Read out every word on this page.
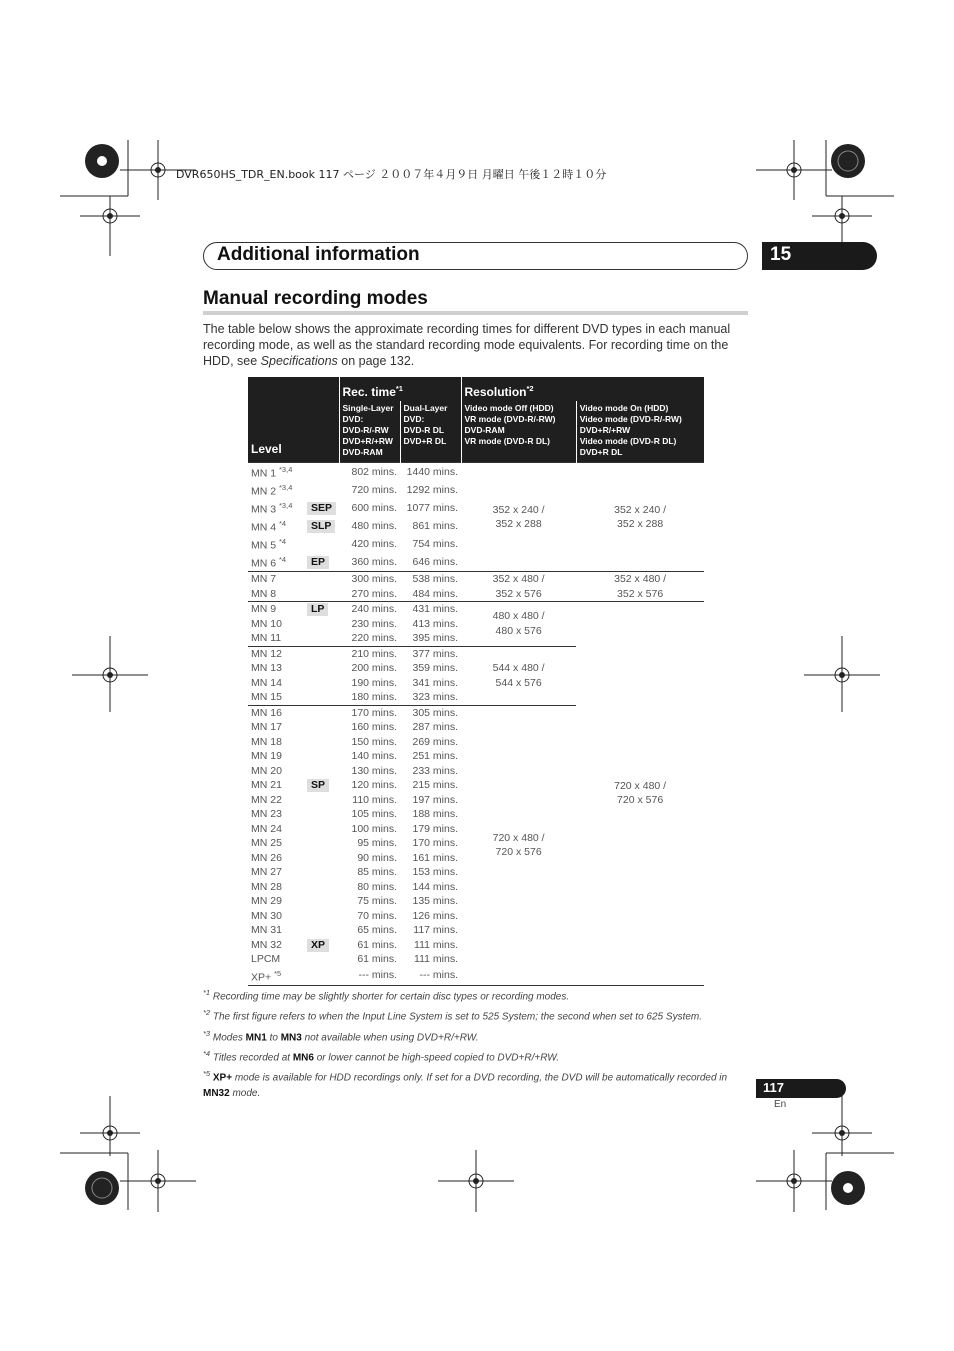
DVR650HS_TDR_EN.book 117 ページ ２００７年４月９日 月曜日 午後１２時１０分
Additional information	15
Manual recording modes
The table below shows the approximate recording times for different DVD types in each manual recording mode, as well as the standard recording mode equivalents. For recording time on the HDD, see Specifications on page 132.
Level		Rec. time$^{*1}$		Resolution$^{*2}$
		Single-Layer DVD:
DVD-R/-RW
DVD+R/+RW
DVD-RAM	Dual-Layer DVD:
DVD-R DL
DVD+R DL	Video mode Off (HDD)
VR mode (DVD-R/-RW)
DVD-RAM
VR mode (DVD-R DL)	Video mode On (HDD)
Video mode (DVD-R/-RW)
DVD+R/+RW
Video mode (DVD-R DL)
DVD+R DL
MN 1 $^{*3,4}$		802 mins.	1440 mins.	352 x 240 /
352 x 288	352 x 240 /
352 x 288
MN 2 $^{*3,4}$		720 mins.	1292 mins.		
MN 3 $^{*3,4}$	SEP	600 mins.	1077 mins.		
MN 4 $^{*4}$	SLP	480 mins.	861 mins.		
MN 5 $^{*4}$		420 mins.	754 mins.		
MN 6 $^{*4}$	EP	360 mins.	646 mins.		
MN 7		300 mins.	538 mins.	352 x 480 /
352 x 576	352 x 480 /
352 x 576
MN 8		270 mins.	484 mins.		
MN 9	LP	240 mins.	431 mins.	480 x 480 /
480 x 576	720 x 480 /
720 x 576
MN 10		230 mins.	413 mins.		
MN 11		220 mins.	395 mins.		
MN 12		210 mins.	377 mins.	544 x 480 /
544 x 576	
MN 13		200 mins.	359 mins.		
MN 14		190 mins.	341 mins.		
MN 15		180 mins.	323 mins.		
MN 16		170 mins.	305 mins.	720 x 480 /
720 x 576	
MN 17		160 mins.	287 mins.		
MN 18		150 mins.	269 mins.		
MN 19		140 mins.	251 mins.		
MN 20		130 mins.	233 mins.		
MN 21	SP	120 mins.	215 mins.		
MN 22		110 mins.	197 mins.		
MN 23		105 mins.	188 mins.		
MN 24		100 mins.	179 mins.		
MN 25		95 mins.	170 mins.		
MN 26		90 mins.	161 mins.		
MN 27		85 mins.	153 mins.		
MN 28		80 mins.	144 mins.		
MN 29		75 mins.	135 mins.		
MN 30		70 mins.	126 mins.		
MN 31		65 mins.	117 mins.		
MN 32	XP	61 mins.	111 mins.		
LPCM		61 mins.	111 mins.		
XP+ $^{*5}$		--- mins.	--- mins.		
$^{*1}$ Recording time may be slightly shorter for certain disc types or recording modes.
$^{*2}$ The first figure refers to when the Input Line System is set to 525 System; the second when set to 625 System.
$^{*3}$ Modes MN1 to MN3 not available when using DVD+R/+RW.
$^{*4}$ Titles recorded at MN6 or lower cannot be high-speed copied to DVD+R/+RW.
$^{*5}$ XP+ mode is available for HDD recordings only. If set for a DVD recording, the DVD will be automatically recorded in MN32 mode.	117
En
